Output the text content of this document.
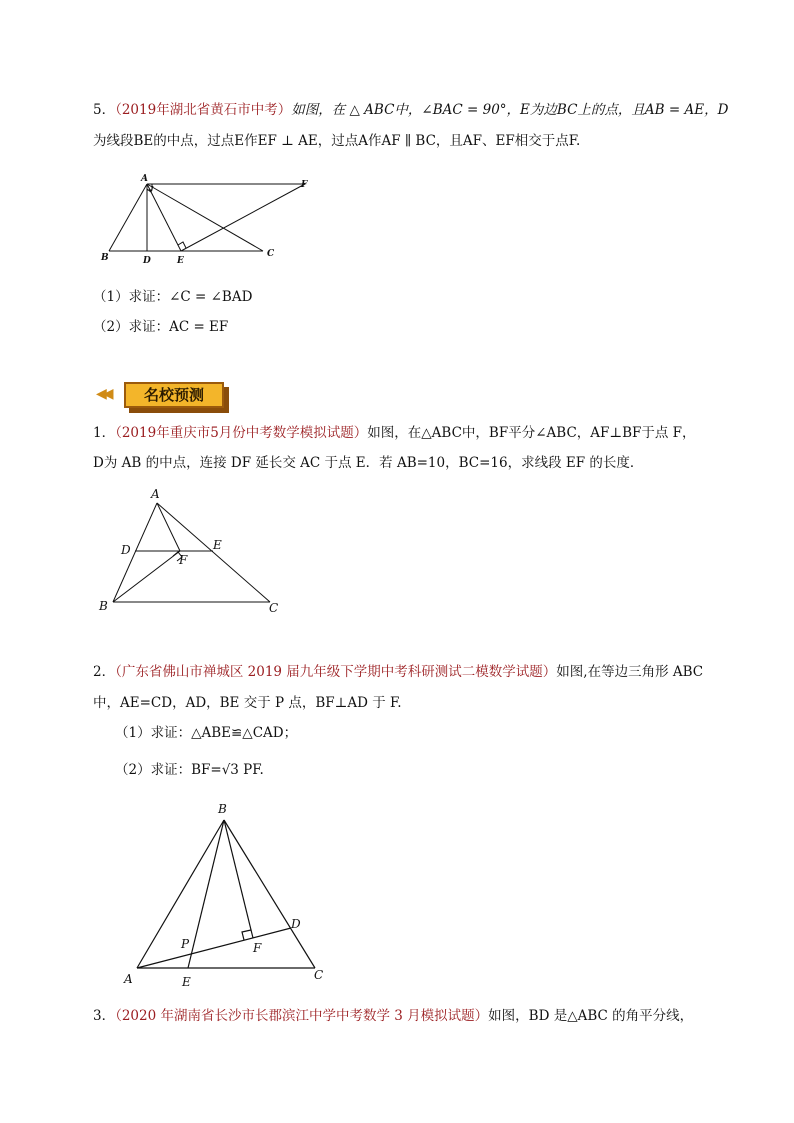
5．（2019年湖北省黄石市中考）如图，在 △ ABC中，∠BAC = 90°，E为边BC上的点，且AB = AE，D
为线段BE的中点，过点E作EF ⊥ AE，过点A作AF ∥ BC，且AF、EF相交于点F.
A
F
B	D	E
C
（1）求证：∠C = ∠BAD
（2）求证：AC = EF
◀◀	名校预测
1．（2019年重庆市5月份中考数学模拟试题）如图，在△ABC中，BF平分∠ABC，AF⊥BF于点 F，
D为 AB 的中点，连接 DF 延长交 AC 于点 E．若 AB=10，BC=16，求线段 EF 的长度．
A
D	E
F
B	C
2．（广东省佛山市禅城区 2019 届九年级下学期中考科研测试二模数学试题）如图,在等边三角形 ABC
中，AE=CD，AD，BE 交于 P 点，BF⊥AD 于 F.
（1）求证：△ABE≌△CAD；
（2）求证：BF=√3 PF.
B
D
P	F
A	E	C
3．（2020 年湖南省长沙市长郡滨江中学中考数学 3 月模拟试题）如图，BD 是△ABC 的角平分线，
